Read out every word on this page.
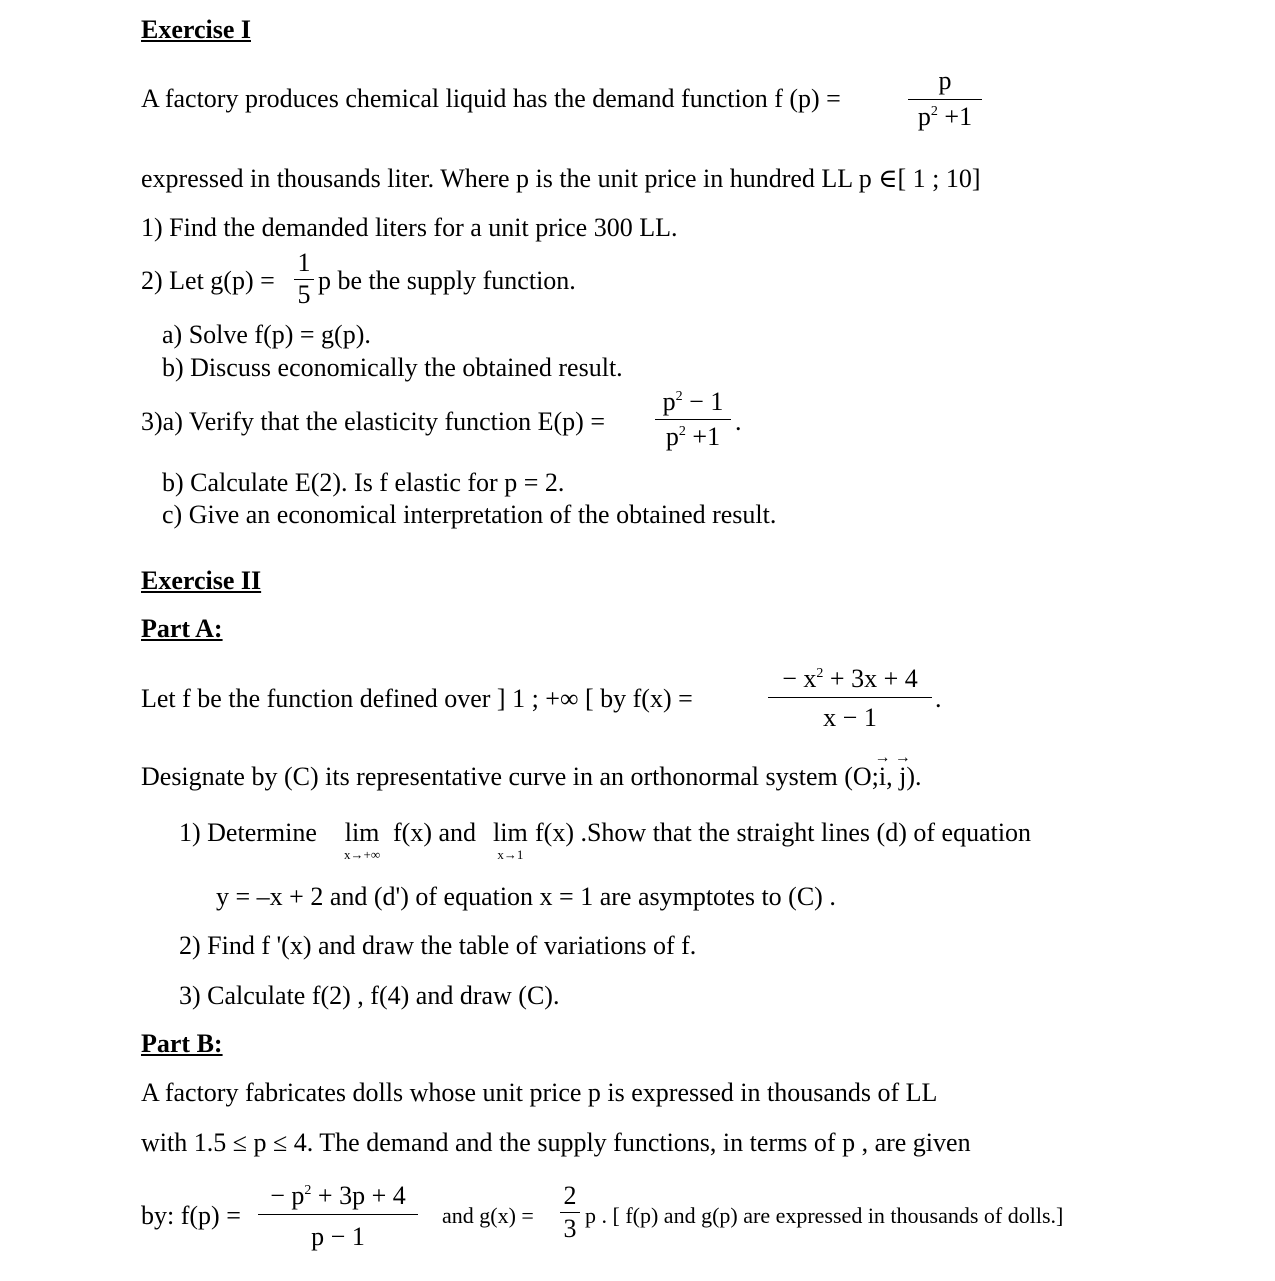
Exercise I
A factory produces chemical liquid has the demand function f (p) =
p
$p^2 +1$
expressed in thousands liter. Where p is the unit price in hundred LL p ∈[ 1 ; 10]
1) Find the demanded liters for a unit price 300 LL.
2) Let g(p) =
1
5 p be the supply function.
a) Solve f(p) = g(p).
b) Discuss economically the obtained result.
3)a) Verify that the elasticity function E(p) =
$p^2 - 1$
$p^2 +1$
.
b) Calculate E(2). Is f elastic for p = 2.
c) Give an economical interpretation of the obtained result.
Exercise II
Part A:
Let f be the function defined over ] 1 ; +∞ [ by f(x) =
− $x^2 + 3x + 4$
x − 1
.
Designate by (C) its representative curve in an orthonormal system (O;→ i, → j).
1) Determine lim
x→+∞
f(x) and lim
x→1
f(x) .Show that the straight lines (d) of equation
y = –x + 2 and (d') of equation x = 1 are asymptotes to (C) .
2) Find f '(x) and draw the table of variations of f.
3) Calculate f(2) , f(4) and draw (C).
Part B:
A factory fabricates dolls whose unit price p is expressed in thousands of LL
with 1.5 ≤ p ≤ 4. The demand and the supply functions, in terms of p , are given
by: f(p) =
− $p^2 + 3p + 4$
p − 1
and g(x) =
2
3 p . [ f(p) and g(p) are expressed in thousands of dolls.]
